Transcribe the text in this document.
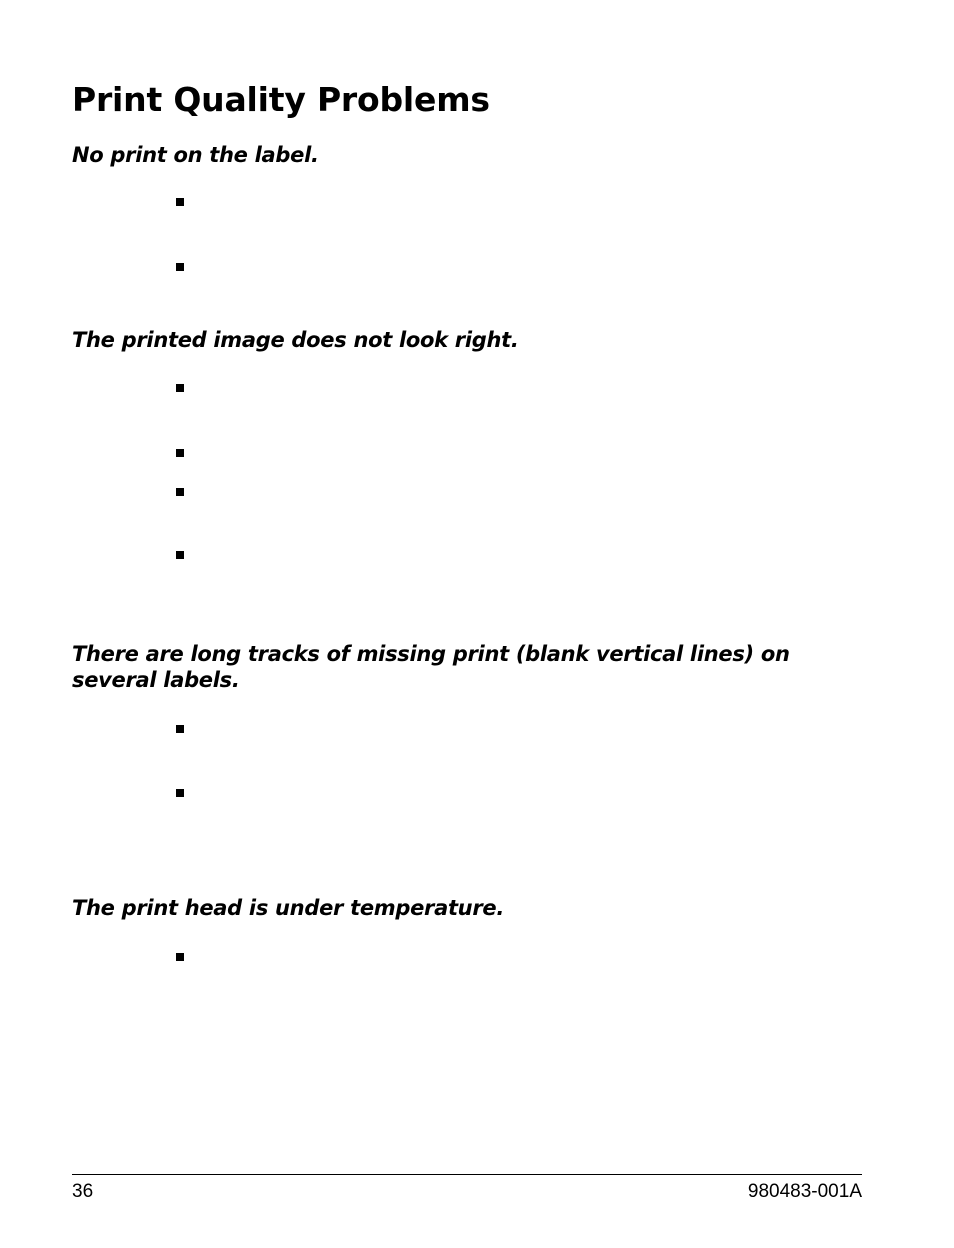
Print Quality Problems
No print on the label.
The printed image does not look right.
There are long tracks of missing print (blank vertical lines) on several labels.
The print head is under temperature.
36	980483-001A
